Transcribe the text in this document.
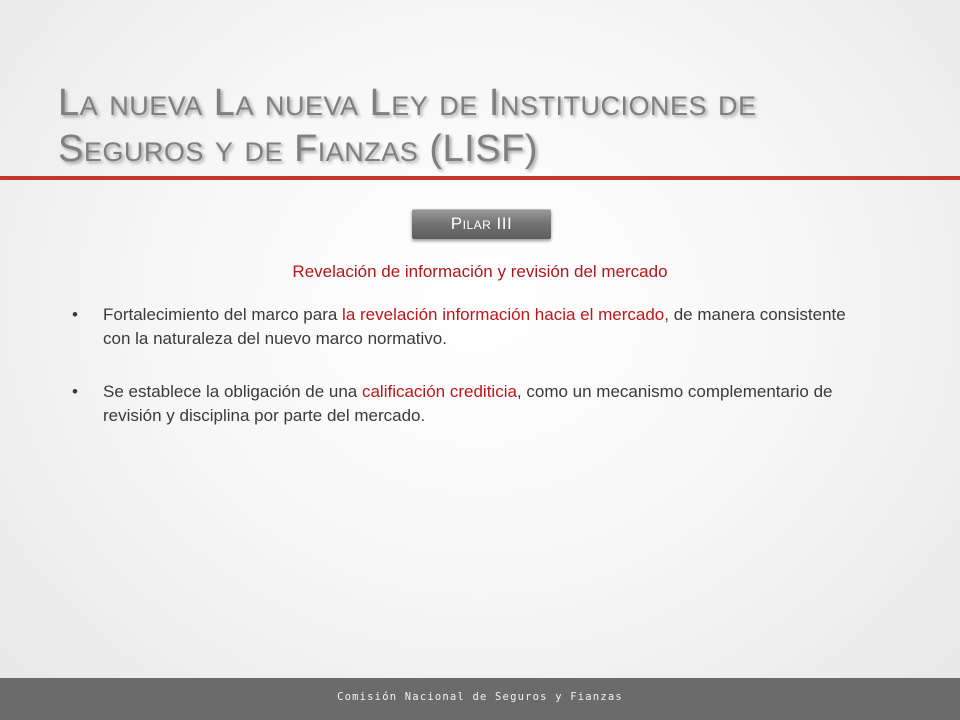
La nueva La nueva Ley de Instituciones de
Seguros y de Fianzas (LISF)
Pilar III
Revelación de información y revisión del mercado
• Fortalecimiento del marco para la revelación información hacia el mercado, de manera consistente con la naturaleza del nuevo marco normativo.
• Se establece la obligación de una calificación crediticia, como un mecanismo complementario de revisión y disciplina por parte del mercado.
Comisión Nacional de Seguros y Fianzas
